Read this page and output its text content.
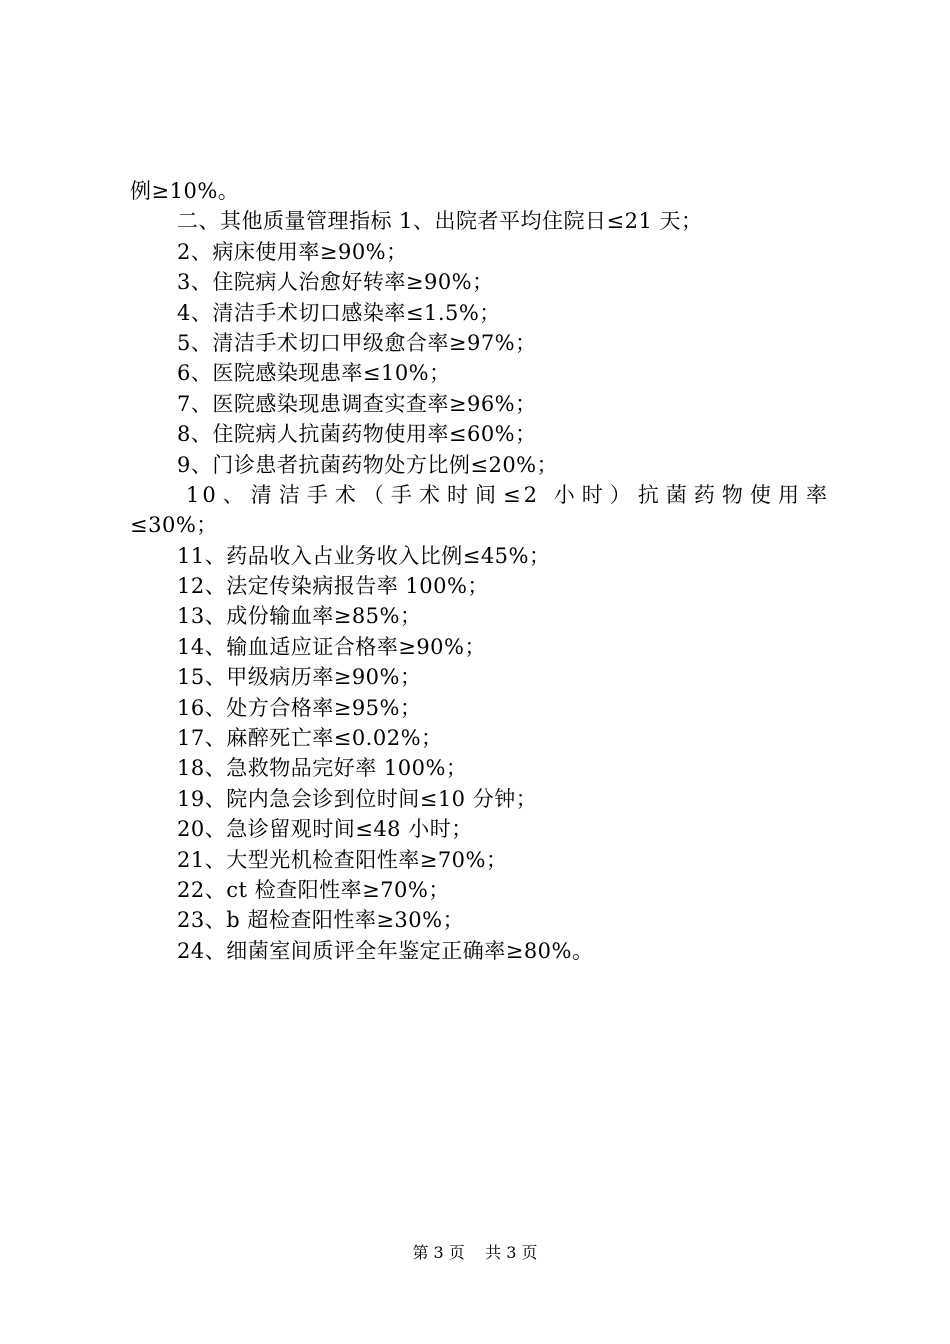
例≥10%。
二、其他质量管理指标 1、出院者平均住院日≤21 天；
2、病床使用率≥90%；
3、住院病人治愈好转率≥90%；
4、清洁手术切口感染率≤1.5%；
5、清洁手术切口甲级愈合率≥97%；
6、医院感染现患率≤10%；
7、医院感染现患调查实查率≥96%；
8、住院病人抗菌药物使用率≤60%；
9、门诊患者抗菌药物处方比例≤20%；
10、清洁手术（手术时间≤2 小时）抗菌药物使用率
≤30%；
11、药品收入占业务收入比例≤45%；
12、法定传染病报告率 100%；
13、成份输血率≥85%；
14、输血适应证合格率≥90%；
15、甲级病历率≥90%；
16、处方合格率≥95%；
17、麻醉死亡率≤0.02%；
18、急救物品完好率 100%；
19、院内急会诊到位时间≤10 分钟；
20、急诊留观时间≤48 小时；
21、大型光机检查阳性率≥70%；
22、ct 检查阳性率≥70%；
23、b 超检查阳性率≥30%；
24、细菌室间质评全年鉴定正确率≥80%。
第 3 页 共 3 页
